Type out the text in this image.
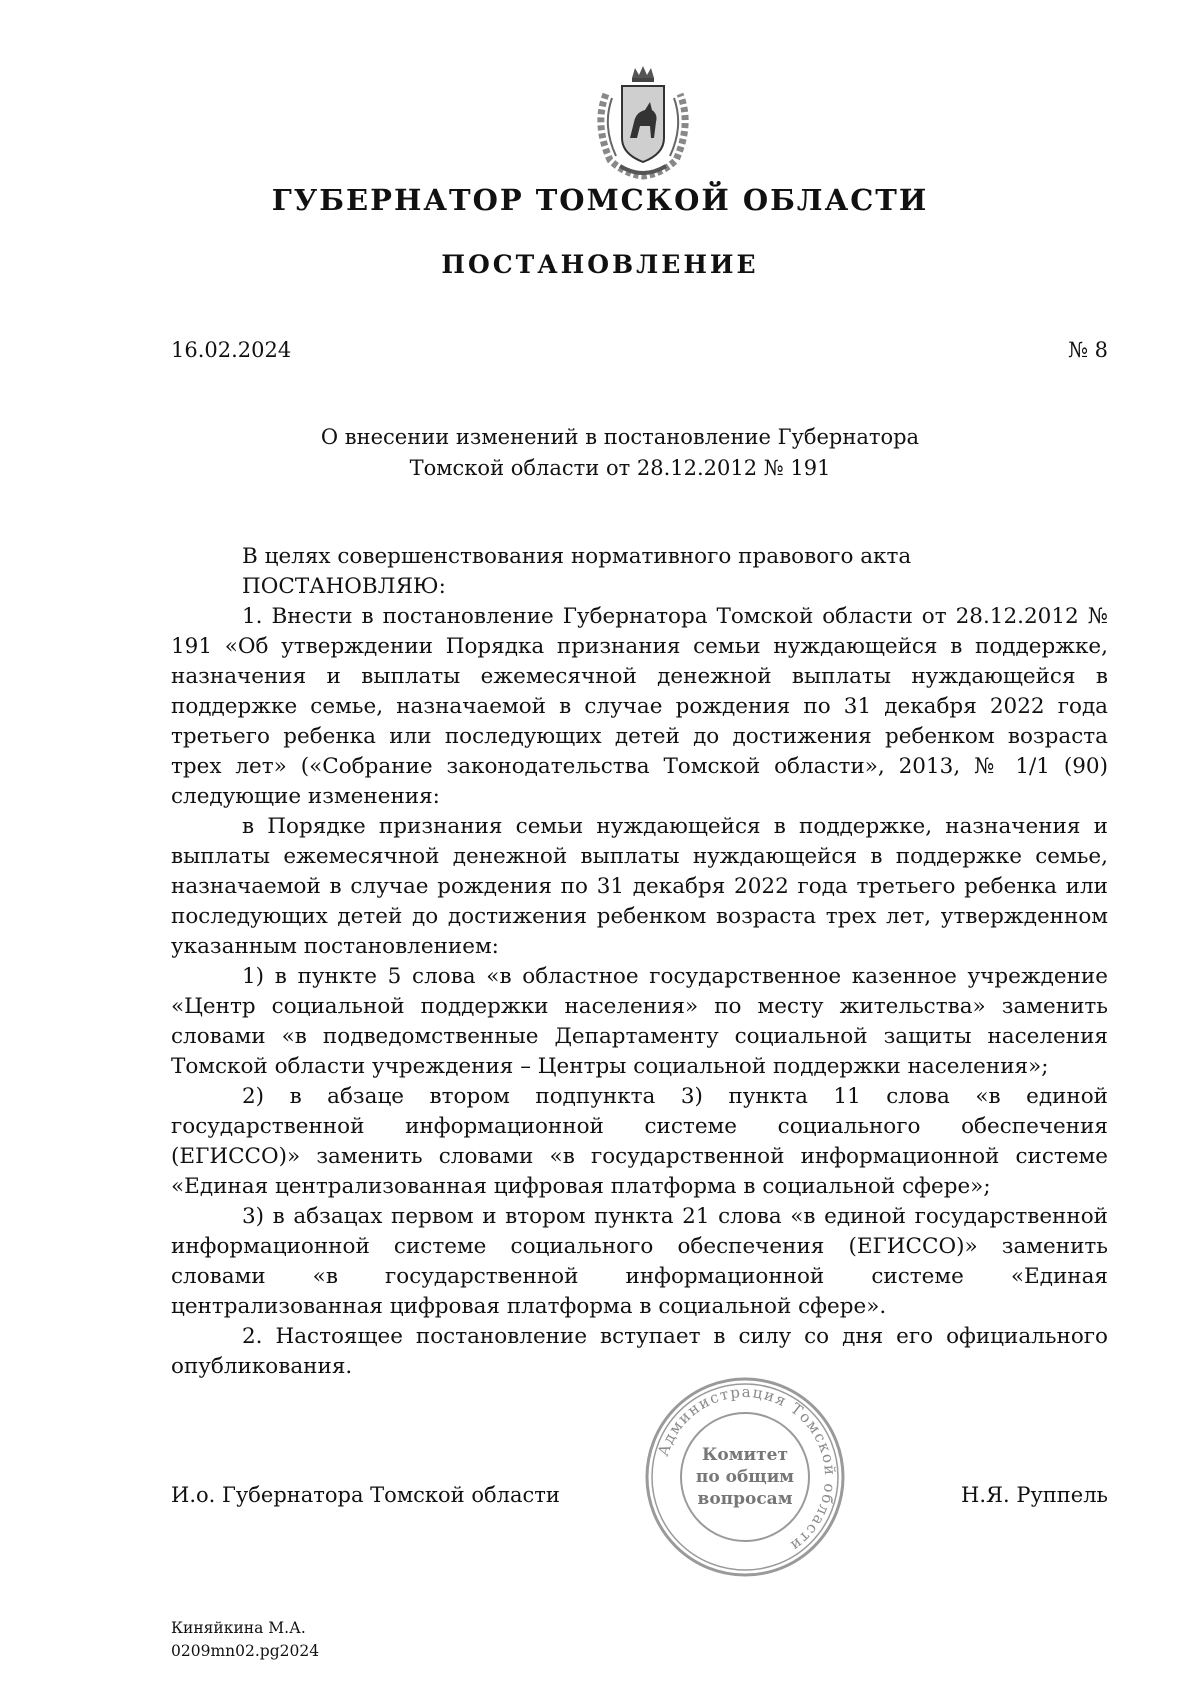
ГУБЕРНАТОР ТОМСКОЙ ОБЛАСТИ
ПОСТАНОВЛЕНИЕ
16.02.2024	№ 8
О внесении изменений в постановление Губернатора
Томской области от 28.12.2012 № 191

В целях совершенствования нормативного правового акта

ПОСТАНОВЛЯЮ:

1. Внести в постановление Губернатора Томской области от 28.12.2012 № 191 «Об утверждении Порядка признания семьи нуждающейся в поддержке, назначения и выплаты ежемесячной денежной выплаты нуждающейся в поддержке семье, назначаемой в случае рождения по 31 декабря 2022 года третьего ребенка или последующих детей до достижения ребенком возраста трех лет» («Собрание законодательства Томской области», 2013, № 1/1 (90) следующие изменения:

в Порядке признания семьи нуждающейся в поддержке, назначения и выплаты ежемесячной денежной выплаты нуждающейся в поддержке семье, назначаемой в случае рождения по 31 декабря 2022 года третьего ребенка или последующих детей до достижения ребенком возраста трех лет, утвержденном указанным постановлением:

1) в пункте 5 слова «в областное государственное казенное учреждение «Центр социальной поддержки населения» по месту жительства» заменить словами «в подведомственные Департаменту социальной защиты населения Томской области учреждения – Центры социальной поддержки населения»;

2) в абзаце втором подпункта 3) пункта 11 слова «в единой государственной информационной системе социального обеспечения (ЕГИССО)» заменить словами «в государственной информационной системе «Единая централизованная цифровая платформа в социальной сфере»;

3) в абзацах первом и втором пункта 21 слова «в единой государственной информационной системе социального обеспечения (ЕГИССО)» заменить словами «в государственной информационной системе «Единая централизованная цифровая платформа в социальной сфере».

2. Настоящее постановление вступает в силу со дня его официального опубликования.

Администрация Томской области
Комитет
по общим
вопросам
И.о. Губернатора Томской области	Н.Я. Руппель
Киняйкина М.А.
0209mn02.pg2024
